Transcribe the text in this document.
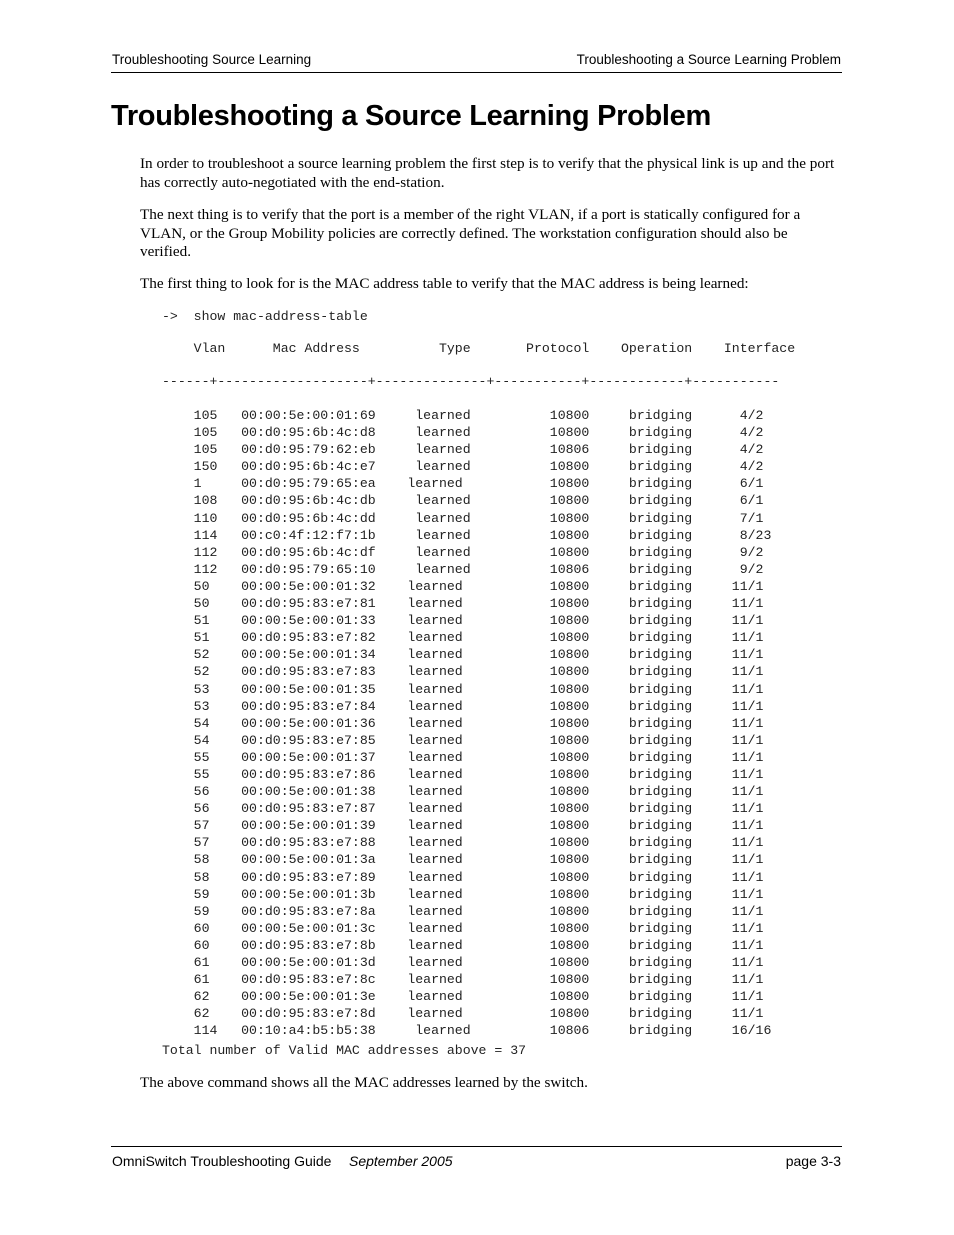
Troubleshooting Source Learning	Troubleshooting a Source Learning Problem
Troubleshooting a Source Learning Problem

In order to troubleshoot a source learning problem the first step is to verify that the physical link is up and the port has correctly auto-negotiated with the end-station.

The next thing is to verify that the port is a member of the right VLAN, if a port is statically configured for a VLAN, or the Group Mobility policies are correctly defined. The workstation configuration should also be verified.

The first thing to look for is the MAC address table to verify that the MAC address is being learned:

->  show mac-address-table
Vlan      Mac Address          Type       Protocol    Operation    Interface
------+-------------------+--------------+-----------+------------+-----------
105   00:00:5e:00:01:69     learned          10800     bridging      4/2
105   00:d0:95:6b:4c:d8     learned          10800     bridging      4/2
105   00:d0:95:79:62:eb     learned          10806     bridging      4/2
150   00:d0:95:6b:4c:e7     learned          10800     bridging      4/2
1     00:d0:95:79:65:ea    learned           10800     bridging      6/1
108   00:d0:95:6b:4c:db     learned          10800     bridging      6/1
110   00:d0:95:6b:4c:dd     learned          10800     bridging      7/1
114   00:c0:4f:12:f7:1b     learned          10800     bridging      8/23
112   00:d0:95:6b:4c:df     learned          10800     bridging      9/2
112   00:d0:95:79:65:10     learned          10806     bridging      9/2
50    00:00:5e:00:01:32    learned           10800     bridging     11/1
50    00:d0:95:83:e7:81    learned           10800     bridging     11/1
51    00:00:5e:00:01:33    learned           10800     bridging     11/1
51    00:d0:95:83:e7:82    learned           10800     bridging     11/1
52    00:00:5e:00:01:34    learned           10800     bridging     11/1
52    00:d0:95:83:e7:83    learned           10800     bridging     11/1
53    00:00:5e:00:01:35    learned           10800     bridging     11/1
53    00:d0:95:83:e7:84    learned           10800     bridging     11/1
54    00:00:5e:00:01:36    learned           10800     bridging     11/1
54    00:d0:95:83:e7:85    learned           10800     bridging     11/1
55    00:00:5e:00:01:37    learned           10800     bridging     11/1
55    00:d0:95:83:e7:86    learned           10800     bridging     11/1
56    00:00:5e:00:01:38    learned           10800     bridging     11/1
56    00:d0:95:83:e7:87    learned           10800     bridging     11/1
57    00:00:5e:00:01:39    learned           10800     bridging     11/1
57    00:d0:95:83:e7:88    learned           10800     bridging     11/1
58    00:00:5e:00:01:3a    learned           10800     bridging     11/1
58    00:d0:95:83:e7:89    learned           10800     bridging     11/1
59    00:00:5e:00:01:3b    learned           10800     bridging     11/1
59    00:d0:95:83:e7:8a    learned           10800     bridging     11/1
60    00:00:5e:00:01:3c    learned           10800     bridging     11/1
60    00:d0:95:83:e7:8b    learned           10800     bridging     11/1
61    00:00:5e:00:01:3d    learned           10800     bridging     11/1
61    00:d0:95:83:e7:8c    learned           10800     bridging     11/1
62    00:00:5e:00:01:3e    learned           10800     bridging     11/1
62    00:d0:95:83:e7:8d    learned           10800     bridging     11/1
114   00:10:a4:b5:b5:38     learned          10806     bridging     16/16
Total number of Valid MAC addresses above = 37

The above command shows all the MAC addresses learned by the switch.

OmniSwitch Troubleshooting Guide September 2005	page 3-3
